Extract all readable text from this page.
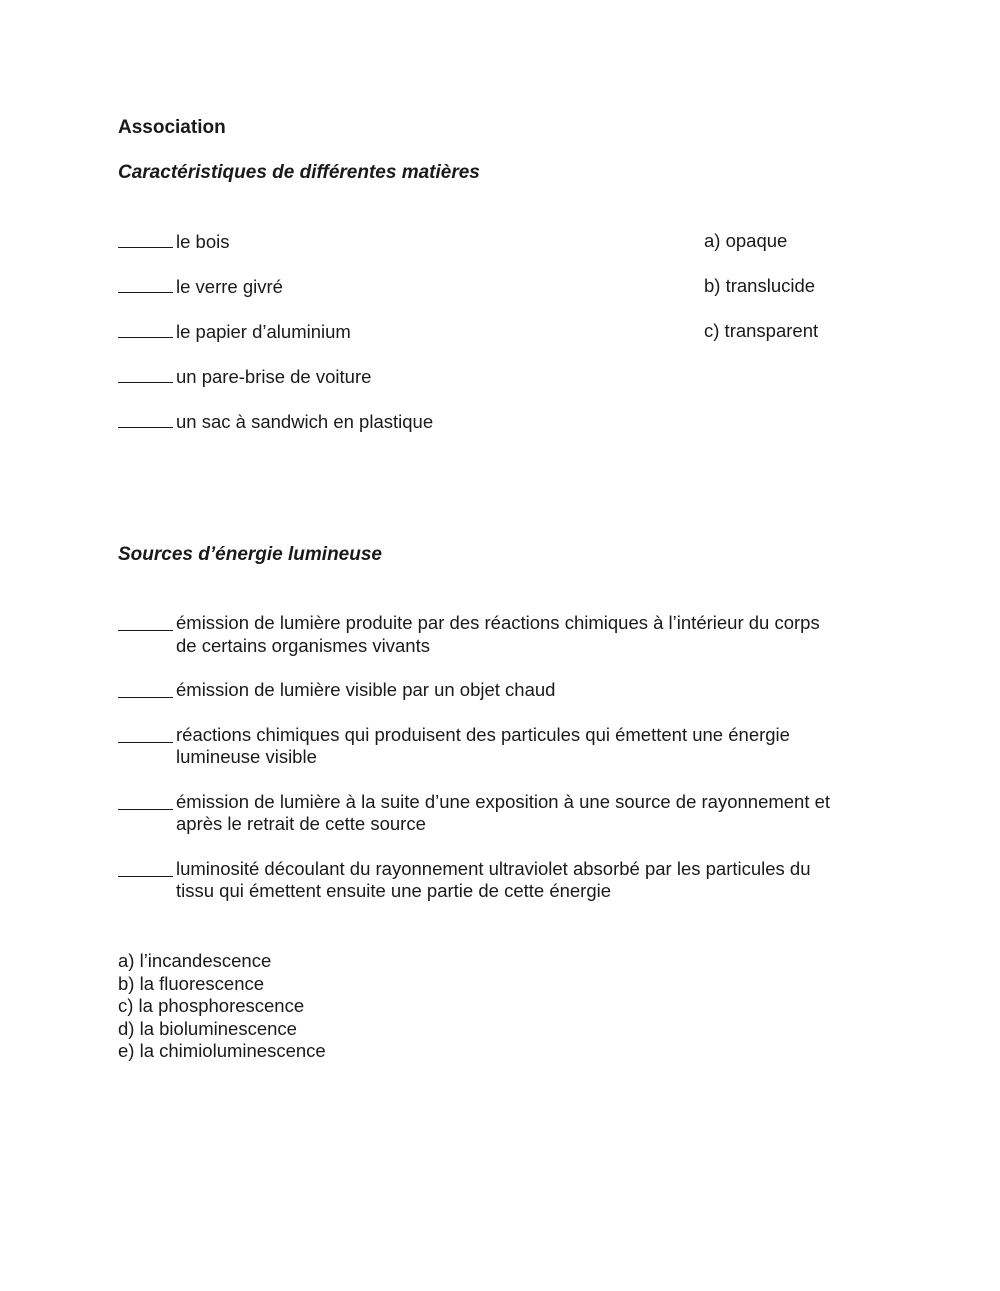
Association
Caractéristiques de différentes matières
le bois
le verre givré
le papier d’aluminium
un pare-brise de voiture
un sac à sandwich en plastique
a) opaque
b) translucide
c) transparent
Sources d’énergie lumineuse
émission de lumière produite par des réactions chimiques à l’intérieur du corps
de certains organismes vivants
émission de lumière visible par un objet chaud
réactions chimiques qui produisent des particules qui émettent une énergie
lumineuse visible
émission de lumière à la suite d’une exposition à une source de rayonnement et
après le retrait de cette source
luminosité découlant du rayonnement ultraviolet absorbé par les particules du
tissu qui émettent ensuite une partie de cette énergie
a) l’incandescence
b) la fluorescence
c) la phosphorescence
d) la bioluminescence
e) la chimioluminescence
